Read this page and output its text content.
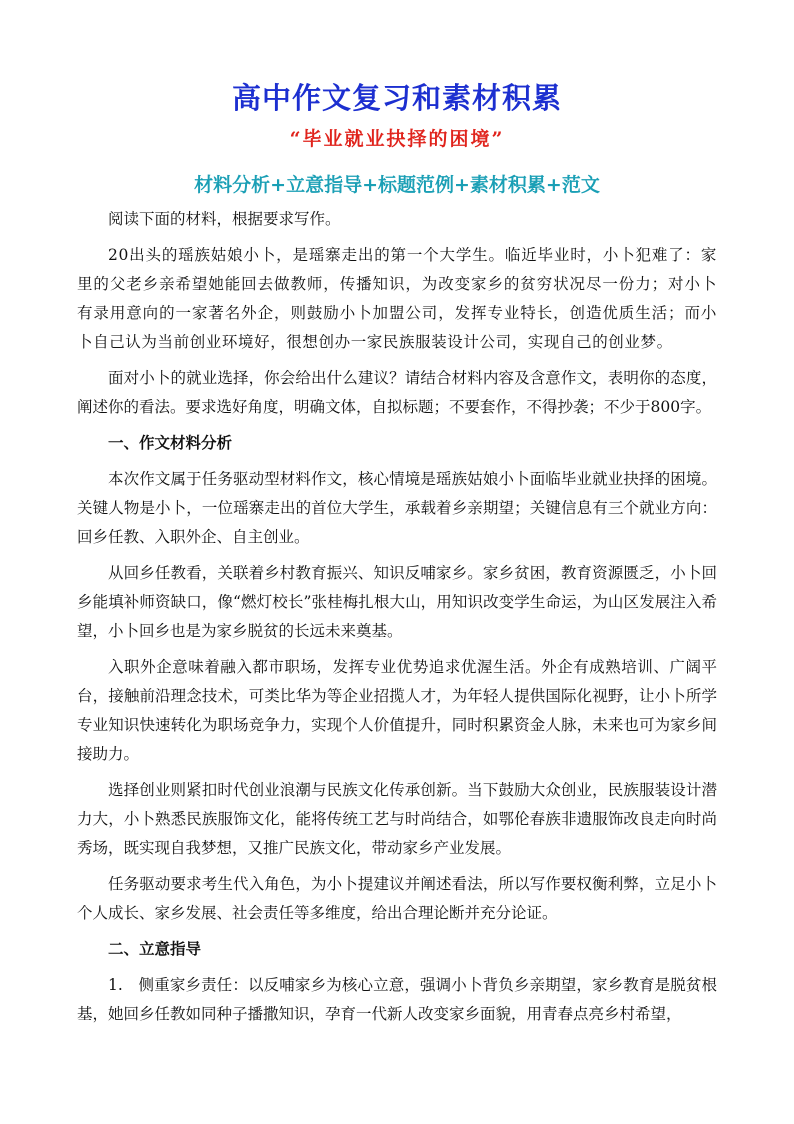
高中作文复习和素材积累
“毕业就业抉择的困境”
材料分析+立意指导+标题范例+素材积累+范文

阅读下面的材料，根据要求写作。

20出头的瑶族姑娘小卜，是瑶寨走出的第一个大学生。临近毕业时，小卜犯难了：家里的父老乡亲希望她能回去做教师，传播知识，为改变家乡的贫穷状况尽一份力；对小卜有录用意向的一家著名外企，则鼓励小卜加盟公司，发挥专业特长，创造优质生活；而小卜自己认为当前创业环境好，很想创办一家民族服装设计公司，实现自己的创业梦。

面对小卜的就业选择，你会给出什么建议？请结合材料内容及含意作文，表明你的态度，阐述你的看法。要求选好角度，明确文体，自拟标题；不要套作，不得抄袭；不少于800字。

一、作文材料分析

本次作文属于任务驱动型材料作文，核心情境是瑶族姑娘小卜面临毕业就业抉择的困境。关键人物是小卜，一位瑶寨走出的首位大学生，承载着乡亲期望；关键信息有三个就业方向：回乡任教、入职外企、自主创业。

从回乡任教看，关联着乡村教育振兴、知识反哺家乡。家乡贫困，教育资源匮乏，小卜回乡能填补师资缺口，像“燃灯校长”张桂梅扎根大山，用知识改变学生命运，为山区发展注入希望，小卜回乡也是为家乡脱贫的长远未来奠基。

入职外企意味着融入都市职场，发挥专业优势追求优渥生活。外企有成熟培训、广阔平台，接触前沿理念技术，可类比华为等企业招揽人才，为年轻人提供国际化视野，让小卜所学专业知识快速转化为职场竞争力，实现个人价值提升，同时积累资金人脉，未来也可为家乡间接助力。

选择创业则紧扣时代创业浪潮与民族文化传承创新。当下鼓励大众创业，民族服装设计潜力大，小卜熟悉民族服饰文化，能将传统工艺与时尚结合，如鄂伦春族非遗服饰改良走向时尚秀场，既实现自我梦想，又推广民族文化，带动家乡产业发展。

任务驱动要求考生代入角色，为小卜提建议并阐述看法，所以写作要权衡利弊，立足小卜个人成长、家乡发展、社会责任等多维度，给出合理论断并充分论证。

二、立意指导

1.　侧重家乡责任：以反哺家乡为核心立意，强调小卜背负乡亲期望，家乡教育是脱贫根基，她回乡任教如同种子播撒知识，孕育一代新人改变家乡面貌，用青春点亮乡村希望，
